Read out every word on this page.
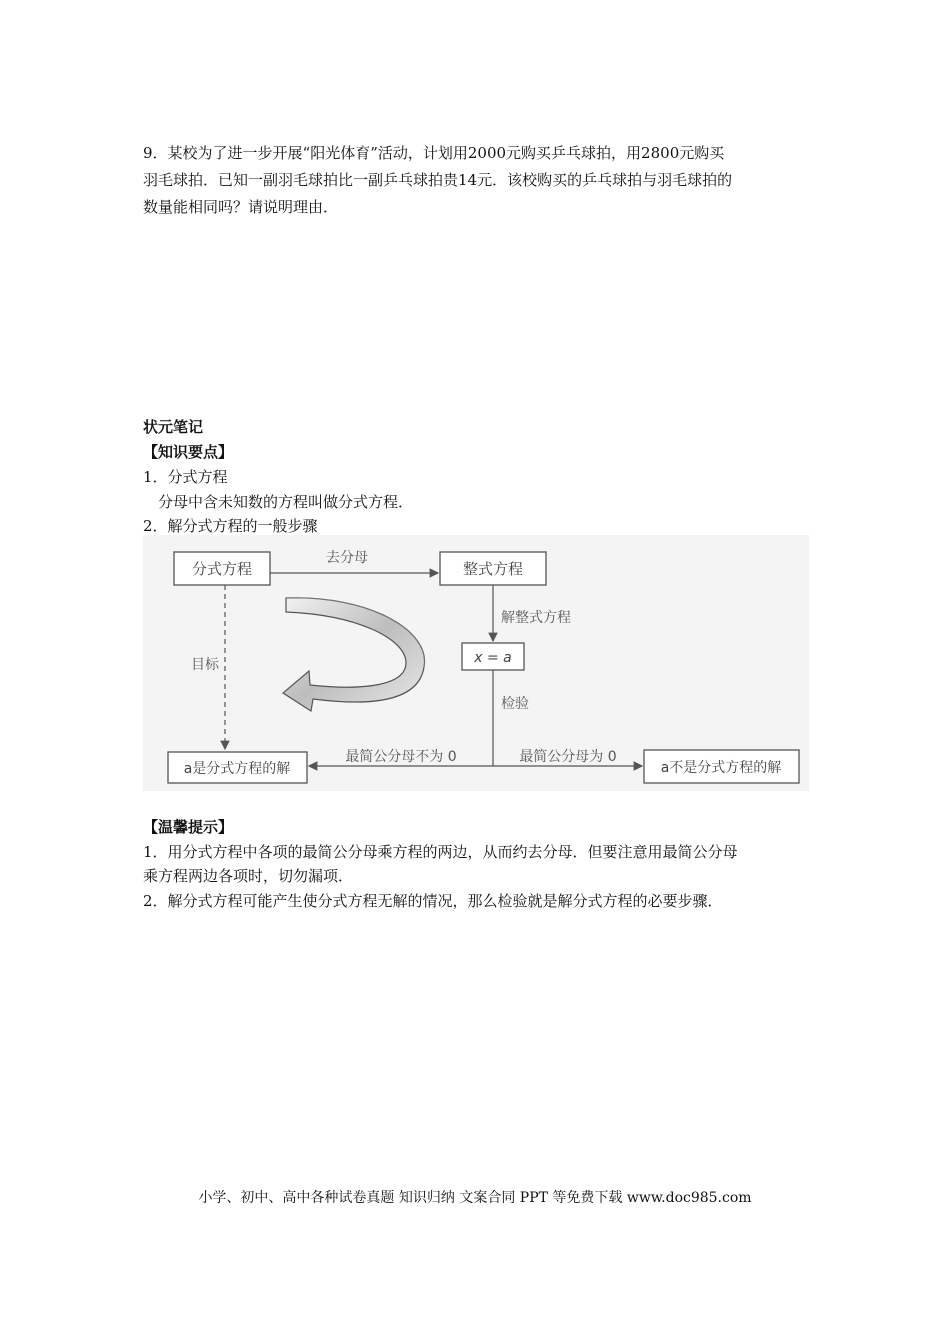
9．某校为了进一步开展“阳光体育”活动，计划用2000元购买乒乓球拍，用2800元购买
羽毛球拍．已知一副羽毛球拍比一副乒乓球拍贵14元．该校购买的乒乓球拍与羽毛球拍的
数量能相同吗？请说明理由．
状元笔记
【知识要点】
1．分式方程
分母中含未知数的方程叫做分式方程．
2．解分式方程的一般步骤
分式方程	整式方程
x = a
a是分式方程的解	a不是分式方程的解
去分母
解整式方程
目标
检验
最简公分母不为 0	最简公分母为 0
【温馨提示】
1．用分式方程中各项的最简公分母乘方程的两边，从而约去分母．但要注意用最简公分母
乘方程两边各项时，切勿漏项．
2．解分式方程可能产生使分式方程无解的情况，那么检验就是解分式方程的必要步骤．
小学、初中、高中各种试卷真题 知识归纳 文案合同 PPT 等免费下载 www.doc985.com
